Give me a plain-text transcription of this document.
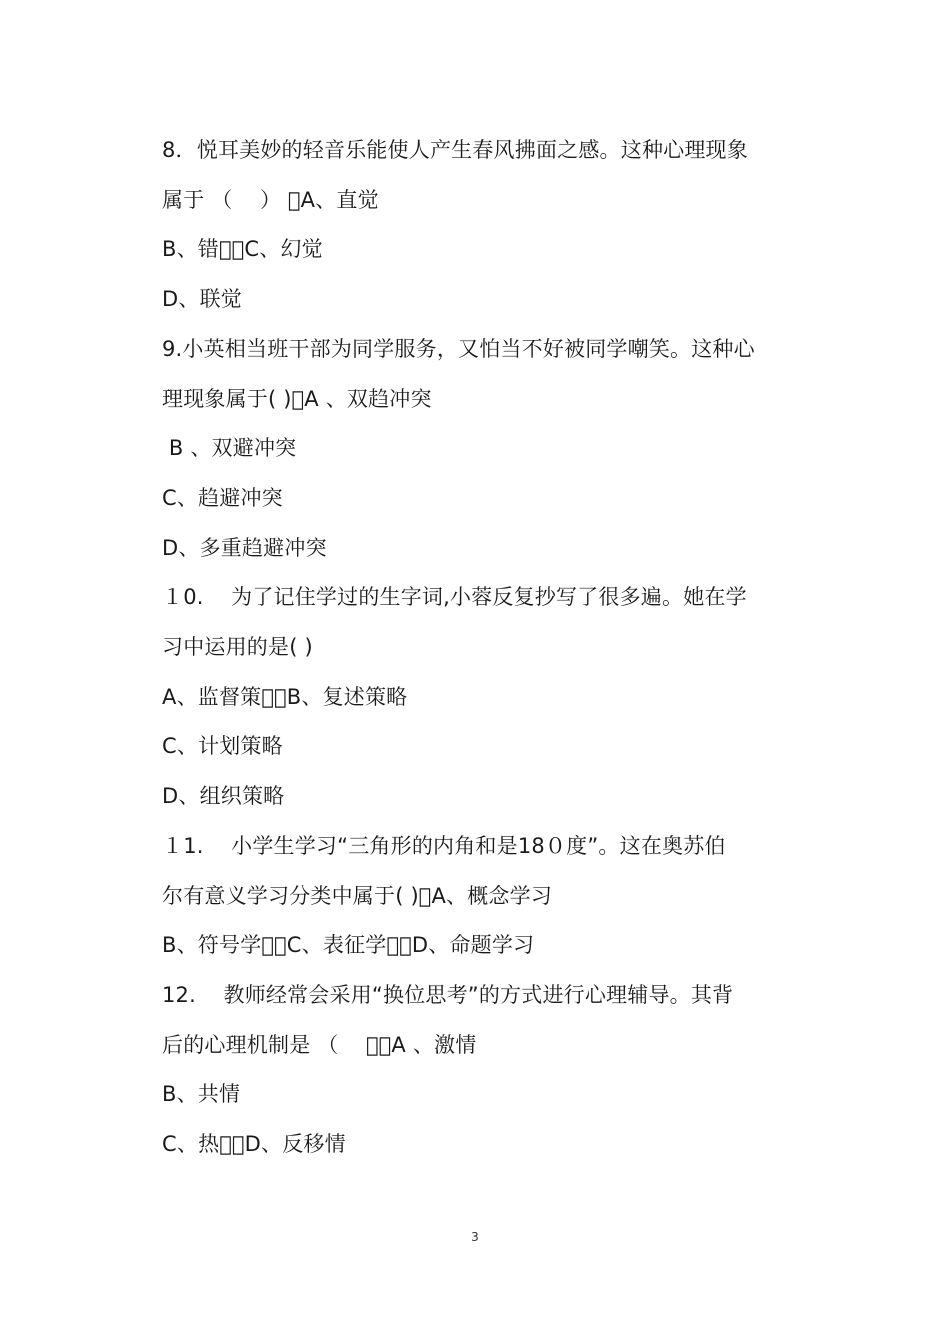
8．悦耳美妙的轻音乐能使人产生春风拂面之感。这种心理现象
属于 （    ） ᷏A、直觉
B、错觉᷏C、幻觉
D、联觉
9.小英相当班干部为同学服务，又怕当不好被同学嘲笑。这种心
理现象属于( )᷏A 、双趋冲突
B 、双避冲突
C、趋避冲突
D、多重趋避冲突
１0.    为了记住学过的生字词,小蓉反复抄写了很多遍。她在学
习中运用的是( )
A、监督策略᷏B、复述策略
C、计划策略
D、组织策略
１1.    小学生学习“三角形的内角和是18０度”。这在奥苏伯
尔有意义学习分类中属于( )᷏A、概念学习
B、符号学习᷏C、表征学习᷏D、命题学习
12.    教师经常会采用“换位思考”的方式进行心理辅导。其背
后的心理机制是 （    ）᷏A 、激情
B、共情
C、热情᷏D、反移情
3
